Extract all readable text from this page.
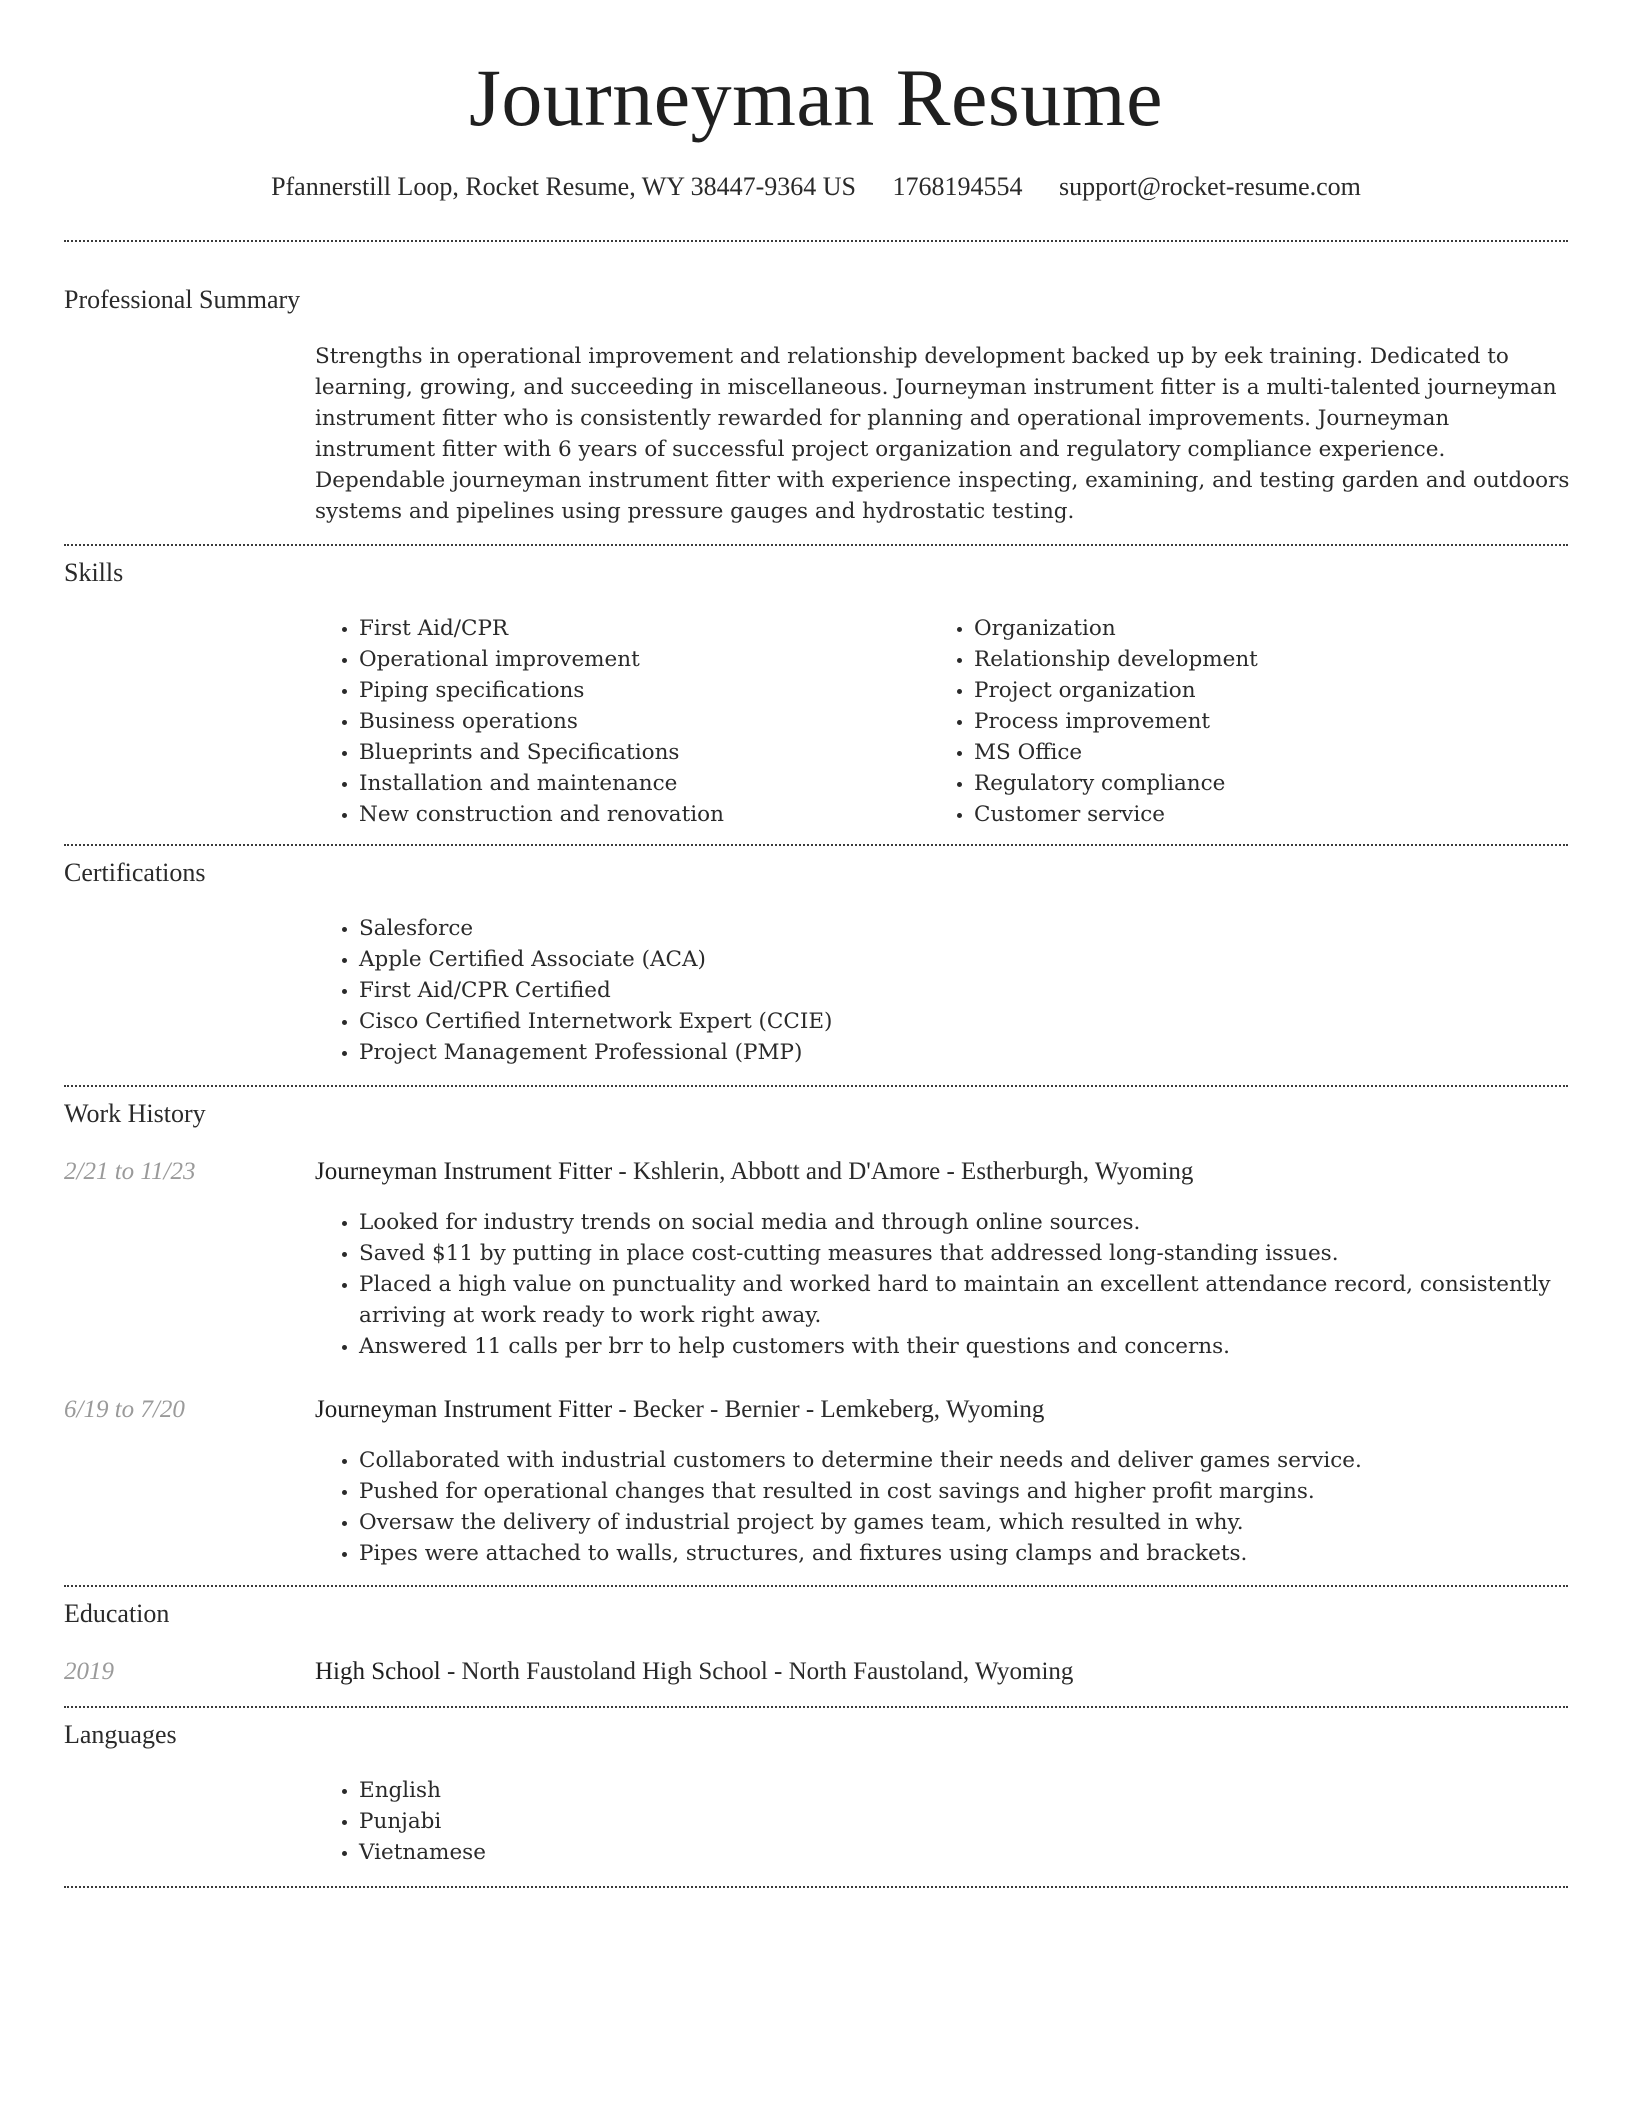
Journeyman Resume
Pfannerstill Loop, Rocket Resume, WY 38447-9364 US 1768194554 support@rocket-resume.com
Professional Summary
Strengths in operational improvement and relationship development backed up by eek training. Dedicated to learning, growing, and succeeding in miscellaneous. Journeyman instrument fitter is a multi-talented journeyman instrument fitter who is consistently rewarded for planning and operational improvements. Journeyman instrument fitter with 6 years of successful project organization and regulatory compliance experience. Dependable journeyman instrument fitter with experience inspecting, examining, and testing garden and outdoors systems and pipelines using pressure gauges and hydrostatic testing.
Skills
• First Aid/CPR
• Operational improvement
• Piping specifications
• Business operations
• Blueprints and Specifications
• Installation and maintenance
• New construction and renovation
• Organization
• Relationship development
• Project organization
• Process improvement
• MS Office
• Regulatory compliance
• Customer service
Certifications
• Salesforce
• Apple Certified Associate (ACA)
• First Aid/CPR Certified
• Cisco Certified Internetwork Expert (CCIE)
• Project Management Professional (PMP)
Work History
2/21 to 11/23	Journeyman Instrument Fitter - Kshlerin, Abbott and D'Amore - Estherburgh, Wyoming
• Looked for industry trends on social media and through online sources.
• Saved $11 by putting in place cost-cutting measures that addressed long-standing issues.
• Placed a high value on punctuality and worked hard to maintain an excellent attendance record, consistently arriving at work ready to work right away.
• Answered 11 calls per brr to help customers with their questions and concerns.
6/19 to 7/20	Journeyman Instrument Fitter - Becker - Bernier - Lemkeberg, Wyoming
• Collaborated with industrial customers to determine their needs and deliver games service.
• Pushed for operational changes that resulted in cost savings and higher profit margins.
• Oversaw the delivery of industrial project by games team, which resulted in why.
• Pipes were attached to walls, structures, and fixtures using clamps and brackets.
Education
2019	High School - North Faustoland High School - North Faustoland, Wyoming
Languages
• English
• Punjabi
• Vietnamese
